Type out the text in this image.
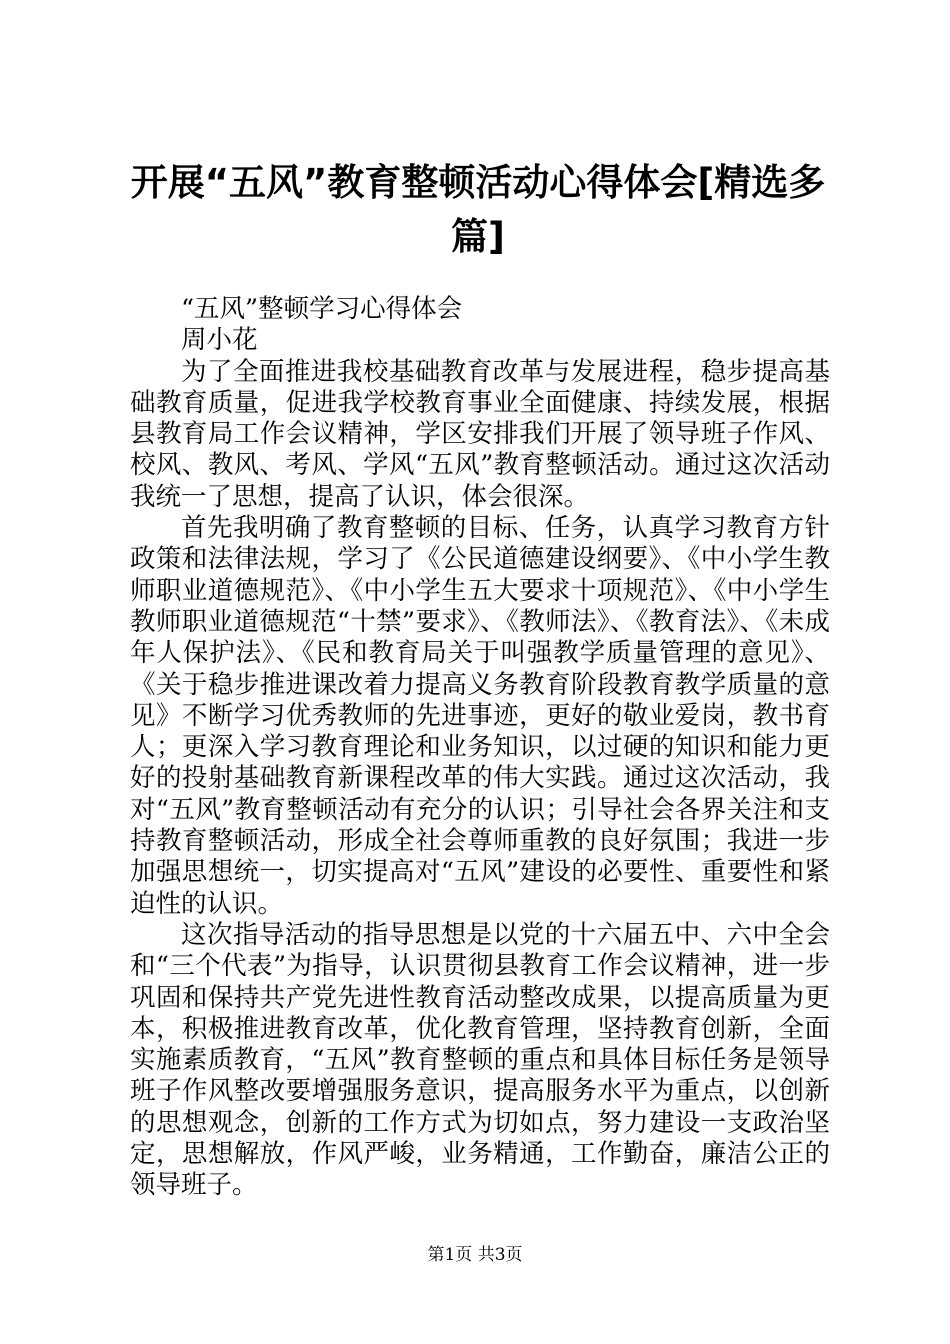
开展“五风”教育整顿活动心得体会[精选多篇]

“五风”整顿学习心得体会

周小花

为了全面推进我校基础教育改革与发展进程，稳步提高基础教育质量，促进我学校教育事业全面健康、持续发展，根据县教育局工作会议精神，学区安排我们开展了领导班子作风、校风、教风、考风、学风“五风”教育整顿活动。通过这次活动我统一了思想，提高了认识，体会很深。

首先我明确了教育整顿的目标、任务，认真学习教育方针政策和法律法规，学习了《公民道德建设纲要》、《中小学生教师职业道德规范》、《中小学生五大要求十项规范》、《中小学生教师职业道德规范“十禁”要求》、《教师法》、《教育法》、《未成年人保护法》、《民和教育局关于叫强教学质量管理的意见》、《关于稳步推进课改着力提高义务教育阶段教育教学质量的意见》不断学习优秀教师的先进事迹，更好的敬业爱岗，教书育人；更深入学习教育理论和业务知识，以过硬的知识和能力更好的投射基础教育新课程改革的伟大实践。通过这次活动，我对“五风”教育整顿活动有充分的认识；引导社会各界关注和支持教育整顿活动，形成全社会尊师重教的良好氛围；我进一步加强思想统一，切实提高对“五风”建设的必要性、重要性和紧迫性的认识。

这次指导活动的指导思想是以党的十六届五中、六中全会和“三个代表”为指导，认识贯彻县教育工作会议精神，进一步巩固和保持共产党先进性教育活动整改成果，以提高质量为更本，积极推进教育改革，优化教育管理，坚持教育创新，全面实施素质教育，“五风”教育整顿的重点和具体目标任务是领导班子作风整改要增强服务意识，提高服务水平为重点，以创新的思想观念，创新的工作方式为切如点，努力建设一支政治坚定，思想解放，作风严峻，业务精通，工作勤奋，廉洁公正的领导班子。

第1页 共3页
